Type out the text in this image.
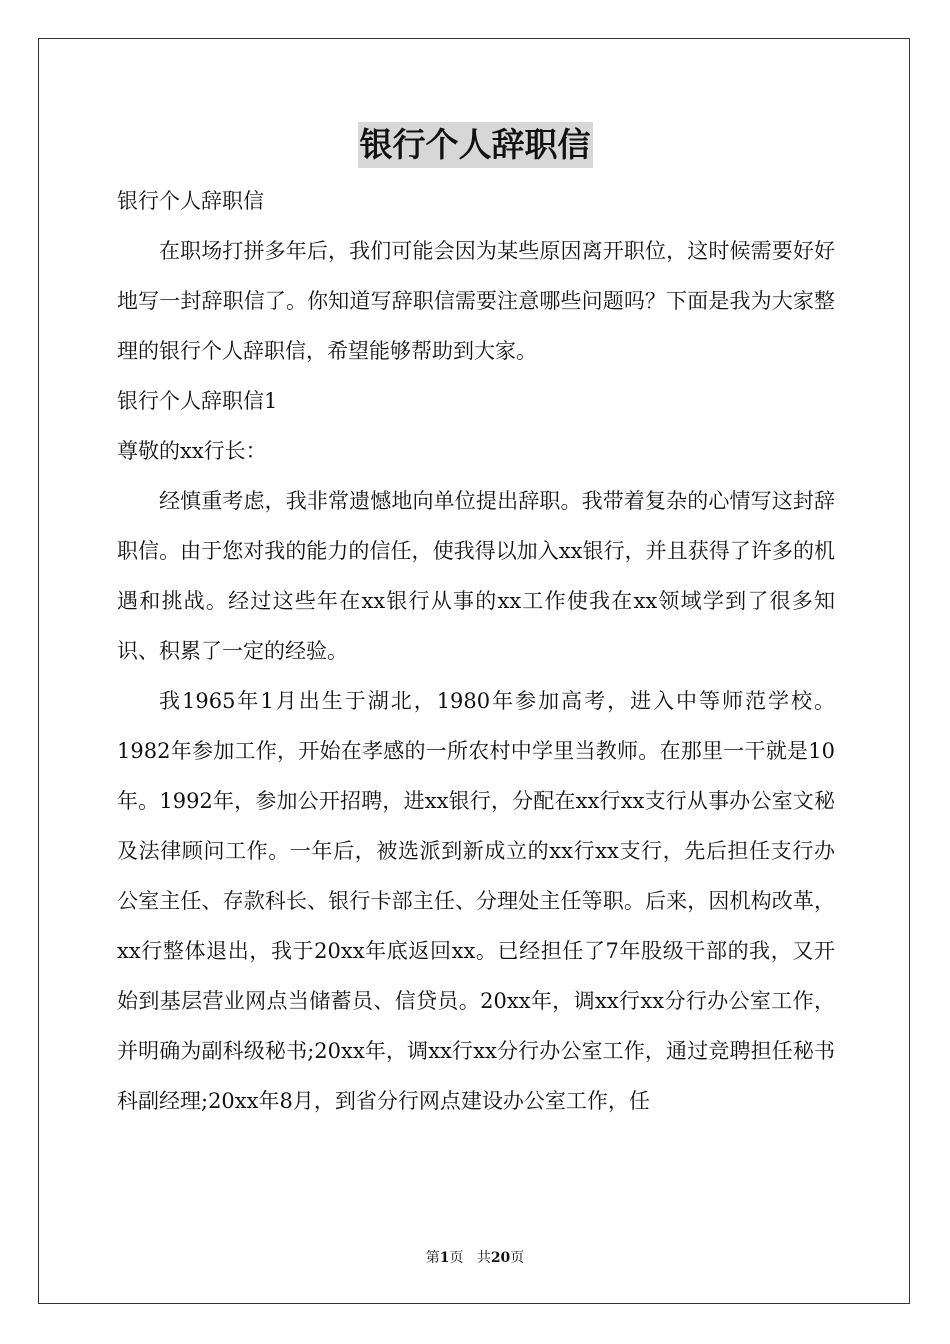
银行个人辞职信

银行个人辞职信

在职场打拼多年后，我们可能会因为某些原因离开职位，这时候需要好好地写一封辞职信了。你知道写辞职信需要注意哪些问题吗？下面是我为大家整理的银行个人辞职信，希望能够帮助到大家。

银行个人辞职信1

尊敬的xx行长：

经慎重考虑，我非常遗憾地向单位提出辞职。我带着复杂的心情写这封辞职信。由于您对我的能力的信任，使我得以加入xx银行，并且获得了许多的机遇和挑战。经过这些年在xx银行从事的xx工作使我在xx领域学到了很多知识、积累了一定的经验。

我1965年1月出生于湖北，1980年参加高考，进入中等师范学校。1982年参加工作，开始在孝感的一所农村中学里当教师。在那里一干就是10年。1992年，参加公开招聘，进xx银行，分配在xx行xx支行从事办公室文秘及法律顾问工作。一年后，被选派到新成立的xx行xx支行，先后担任支行办公室主任、存款科长、银行卡部主任、分理处主任等职。后来，因机构改革，xx行整体退出，我于20xx年底返回xx。已经担任了7年股级干部的我，又开始到基层营业网点当储蓄员、信贷员。20xx年，调xx行xx分行办公室工作，并明确为副科级秘书;20xx年，调xx行xx分行办公室工作，通过竞聘担任秘书科副经理;20xx年8月，到省分行网点建设办公室工作，任

第1页 共20页
